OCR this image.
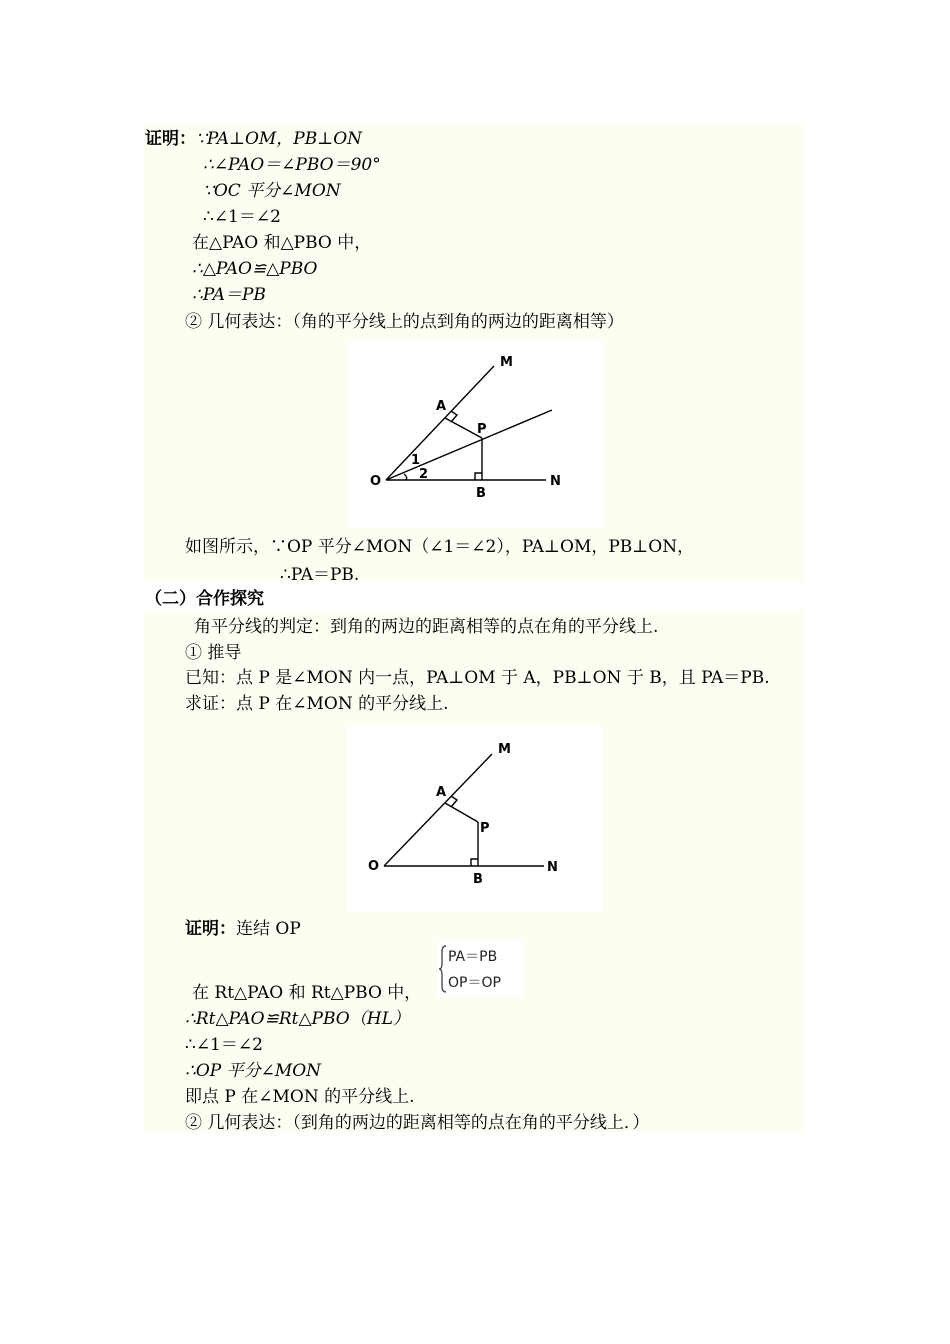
证明：∵PA⊥OM，PB⊥ON
∴∠PAO＝∠PBO＝90°
∵OC 平分∠MON
∴∠1＝∠2
在△PAO 和△PBO 中，
∴△PAO≌△PBO
∴PA＝PB
② 几何表达：（角的平分线上的点到角的两边的距离相等）
M
A
P
O
1
2
B
N
如图所示，∵OP 平分∠MON（∠1＝∠2），PA⊥OM，PB⊥ON，
∴PA＝PB.
（二）合作探究
角平分线的判定：到角的两边的距离相等的点在角的平分线上.
① 推导
已知：点 P 是∠MON 内一点，PA⊥OM 于 A，PB⊥ON 于 B，且 PA＝PB.
求证：点 P 在∠MON 的平分线上.
M
A
P
O
B
N
证明：连结 OP
PA＝PB
OP＝OP
在 Rt△PAO 和 Rt△PBO 中，
∴Rt△PAO≌Rt△PBO（HL）
∴∠1＝∠2
∴OP 平分∠MON
即点 P 在∠MON 的平分线上.
② 几何表达：（到角的两边的距离相等的点在角的平分线上．）
